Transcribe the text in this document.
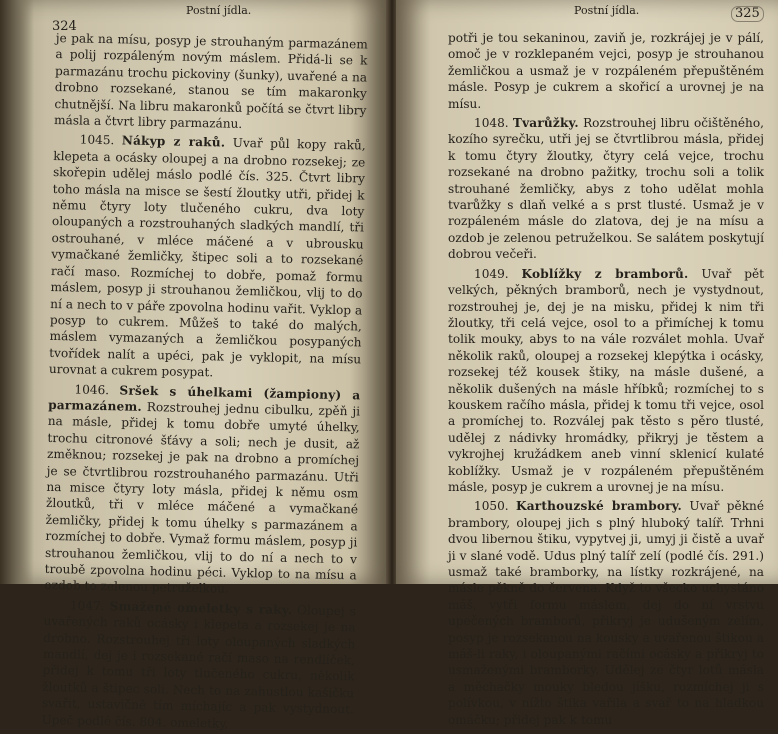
Postní jídla.
324

je pak na mísu, posyp je strouhaným parmazánem a polij rozpáleným novým máslem. Přidá-li se k parmazánu trochu pickoviny (šunky), uvařené a na drobno rozsekané, stanou se tím makaronky chutnější. Na libru makaronků počítá se čtvrt libry másla a čtvrt libry parmazánu.

1045. Nákyp z raků. Uvař půl kopy raků, klepeta a ocásky oloupej a na drobno rozsekej; ze skořepin udělej máslo podlé čís. 325. Čtvrt libry toho másla na misce se šestí žloutky utři, přidej k němu čtyry loty tlučeného cukru, dva loty oloupaných a rozstrouhaných sladkých mandlí, tři ostrouhané, v mléce máčené a v ubrousku vymačkané žemličky, štipec soli a to rozsekané račí maso. Rozmíchej to dobře, pomaž formu máslem, posyp ji strouhanou žemličkou, vlij to do ní a nech to v páře zpovolna hodinu vařit. Vyklop a posyp to cukrem. Můžeš to také do malých, máslem vymazaných a žemličkou posypaných tvořídek nalít a upéci, pak je vyklopit, na mísu urovnat a cukrem posypat.

1046. Sršek s úhelkami (žampiony) a parmazánem. Rozstrouhej jednu cibulku, zpěň ji na másle, přidej k tomu dobře umyté úhelky, trochu citronové šťávy a soli; nech je dusit, až změknou; rozsekej je pak na drobno a promíchej je se čtvrtlibrou rozstrouhaného parmazánu. Utři na misce čtyry loty másla, přidej k němu osm žloutků, tři v mléce máčené a vymačkané žemličky, přidej k tomu úhelky s parmazánem a rozmíchej to dobře. Vymaž formu máslem, posyp ji strouhanou žemličkou, vlij to do ní a nech to v troubě zpovolna hodinu péci. Vyklop to na mísu a ozdob to zelenou petruželkou.

1047. Smažené omeletky s raky. Oloupej s uvařených raků ocásky i klepeta a rozsekej je na drobno. Rozstrouhej tři loty oloupaných sladkých mandlí, dej je i rozsekané račí maso na rendlíček, přidej k tomu tři loty tlučeného cukru, několik žloutků a štipec soli. Nech to na zahustlou kašičku svařit, ustavičně tím míchajíc a pak vystydnout. Upeč podlé čís. 804. omeletky,

Postní jídla.	325

potři je tou sekaninou, zaviň je, rozkrájej je v pálí, omoč je v rozklepaném vejci, posyp je strouhanou žemličkou a usmaž je v rozpáleném přepuštěném másle. Posyp je cukrem a skořicí a urovnej je na mísu.

1048. Tvarůžky. Rozstrouhej libru očištěného, kozího syrečku, utři jej se čtvrtlibrou másla, přidej k tomu čtyry žloutky, čtyry celá vejce, trochu rozsekané na drobno pažitky, trochu soli a tolik strouhané žemličky, abys z toho udělat mohla tvarůžky s dlaň velké a s prst tlusté. Usmaž je v rozpáleném másle do zlatova, dej je na mísu a ozdob je zelenou petruželkou. Se salátem poskytují dobrou večeři.

1049. Koblížky z bramborů. Uvař pět velkých, pěkných bramborů, nech je vystydnout, rozstrouhej je, dej je na misku, přidej k nim tři žloutky, tři celá vejce, osol to a přimíchej k tomu tolik mouky, abys to na vále rozválet mohla. Uvař několik raků, oloupej a rozsekej klepýtka i ocásky, rozsekej též kousek štiky, na másle dušené, a několik dušených na másle hříbků; rozmíchej to s kouskem račího másla, přidej k tomu tři vejce, osol a promíchej to. Rozválej pak těsto s pěro tlusté, udělej z nádivky hromádky, přikryj je těstem a vykrojhej kružádkem aneb vinní sklenicí kulaté koblížky. Usmaž je v rozpáleném přepuštěném másle, posyp je cukrem a urovnej je na mísu.

1050. Karthouzské brambory. Uvař pěkné brambory, oloupej jich s plný hluboký talíř. Trhni dvou libernou štiku, vypytvej ji, umyj ji čistě a uvař ji v slané vodě. Udus plný talíř zelí (podlé čís. 291.) usmaž také bramborky, na lístky rozkrájené, na másle pěkně do červena. Když to všecko uchystáno máš, vytři formu máslem, dej do ní vrstvu upečených bramborů, přikryj je udušeným zelím, posyp je rozsekanou na kousky a uvařenou štikou a máš-li raky, i oloupanými račími ocásky a přikryj to usmaženými bramborky. Udělej ze čtyr lotů másla a měchačky mouky bledou jíšku, rozmíchej ji s polívkou, v nížto štika vařila a svař to na hladkou omáčku; přidej pak k tomu
